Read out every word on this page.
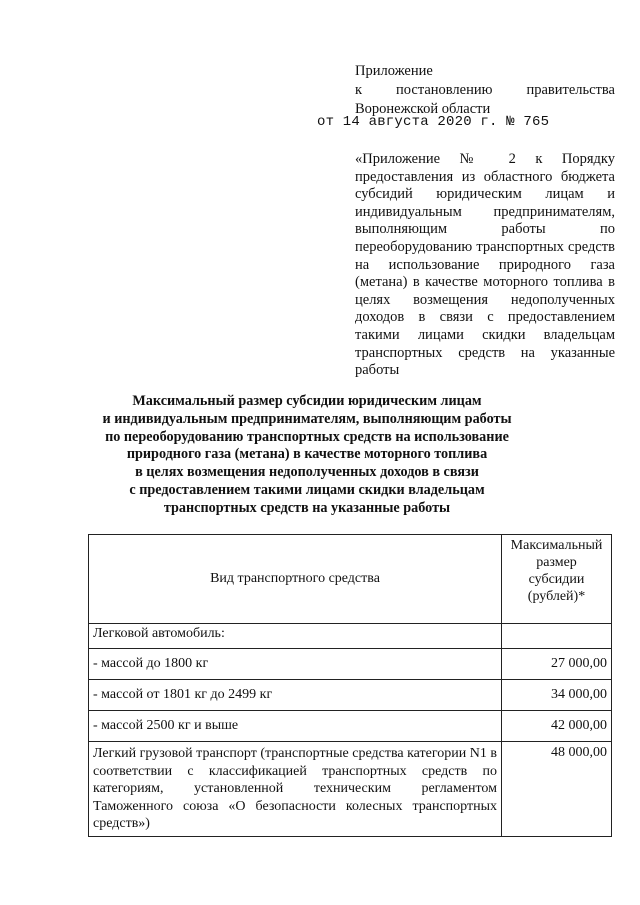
Приложение
к постановлению правительства
Воронежской области
от 14 августа 2020 г. № 765
«Приложение № 2 к Порядку предоставления из областного бюджета субсидий юридическим лицам и индивидуальным предпринимателям, выполняющим работы по переоборудованию транспортных средств на использование природного газа (метана) в качестве моторного топлива в целях возмещения недополученных доходов в связи с предоставлением такими лицами скидки владельцам транспортных средств на указанные работы
Максимальный размер субсидии юридическим лицам
и индивидуальным предпринимателям, выполняющим работы
по переоборудованию транспортных средств на использование
природного газа (метана) в качестве моторного топлива
в целях возмещения недополученных доходов в связи
с предоставлением такими лицами скидки владельцам
транспортных средств на указанные работы
Вид транспортного средства	Максимальный
размер
субсидии
(рублей)*

Легковой автомобиль:	
- массой до 1800 кг	27 000,00
- массой от 1801 кг до 2499 кг	34 000,00
- массой 2500 кг и выше	42 000,00
Легкий грузовой транспорт (транспортные средства категории N1 в соответствии с классификацией транспортных средств по категориям, установленной техническим регламентом Таможенного союза «О безопасности колесных транспортных средств»)	48 000,00
